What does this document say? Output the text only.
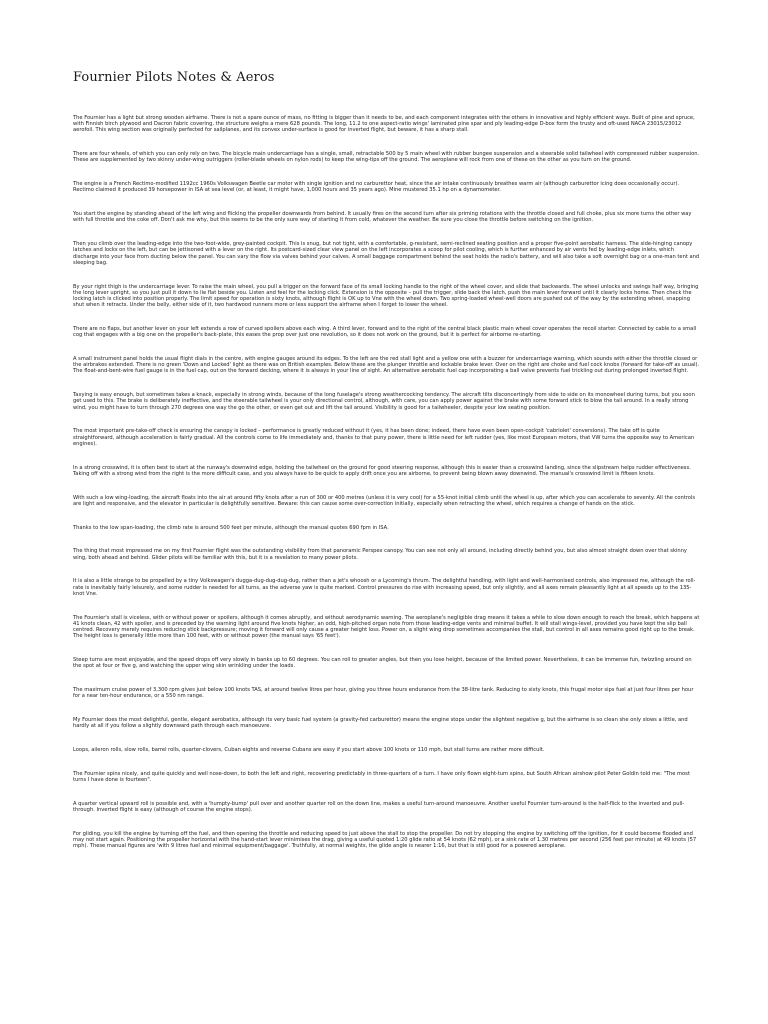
Fournier Pilots Notes & Aeros

The Fournier has a light but strong wooden airframe. There is not a spare ounce of mass, no fitting is bigger than it needs to be, and each component integrates with the others in innovative and highly efficient ways. Built of pine and spruce, with Finnish birch plywood and Dacron fabric covering, the structure weighs a mere 628 pounds. The long, 11.2 to one aspect-ratio wings' laminated pine spar and ply leading-edge D-box form the trusty and oft-used NACA 23015/23012 aerofoil. This wing section was originally perfected for sailplanes, and its convex under-surface is good for inverted flight, but beware, it has a sharp stall.

There are four wheels, of which you can only rely on two. The bicycle main undercarriage has a single, small, retractable 500 by 5 main wheel with rubber bungee suspension and a steerable solid tailwheel with compressed rubber suspension. These are supplemented by two skinny under-wing outriggers (roller-blade wheels on nylon rods) to keep the wing-tips off the ground. The aeroplane will rock from one of these on the other as you turn on the ground.

The engine is a French Rectimo-modified 1192cc 1960s Volkswagen Beetle car motor with single ignition and no carburettor heat, since the air intake continuously breathes warm air (although carburettor icing does occasionally occur). Rectimo claimed it produced 39 horsepower in ISA at sea level (or, at least, it might have, 1,000 hours and 35 years ago). Mine mustered 35.1 hp on a dynamometer.

You start the engine by standing ahead of the left wing and flicking the propeller downwards from behind. It usually fires on the second turn after six priming rotations with the throttle closed and full choke, plus six more turns the other way with full throttle and the coke off. Don't ask me why, but this seems to be the only sure way of starting it from cold, whatever the weather. Be sure you close the throttle before switching on the ignition.

Then you climb over the leading-edge into the two-foot-wide, grey-painted cockpit. This is snug, but not tight, with a comfortable, g-resistant, semi-reclined seating position and a proper five-point aerobatic harness. The side-hinging canopy latches and locks on the left, but can be jettisoned with a lever on the right. Its postcard-sized clear view panel on the left incorporates a scoop for pilot cooling, which is further enhanced by air vents fed by leading-edge inlets, which discharge into your face from ducting below the panel. You can vary the flow via valves behind your calves. A small baggage compartment behind the seat holds the radio's battery, and will also take a soft overnight bag or a one-man tent and sleeping bag.

By your right thigh is the undercarriage lever. To raise the main wheel, you pull a trigger on the forward face of its small locking handle to the right of the wheel cover, and slide that backwards. The wheel unlocks and swings half way, bringing the long lever upright, so you just pull it down to lie flat beside you. Listen and feel for the locking click. Extension is the opposite – pull the trigger, slide back the latch, push the main lever forward until it clearly locks home. Then check the locking latch is clicked into position properly. The limit speed for operation is sixty knots, although flight is OK up to Vne with the wheel down. Two spring-loaded wheel-well doors are pushed out of the way by the extending wheel, snapping shut when it retracts. Under the belly, either side of it, two hardwood runners more or less support the airframe when I forget to lower the wheel.

There are no flaps, but another lever on your left extends a row of curved spoilers above each wing. A third lever, forward and to the right of the central black plastic main wheel cover operates the recoil starter. Connected by cable to a small cog that engages with a big one on the propeller's back-plate, this eases the prop over just one revolution, so it does not work on the ground, but it is perfect for airborne re-starting.

A small instrument panel holds the usual flight dials in the centre, with engine gauges around its edges. To the left are the red stall light and a yellow one with a buzzer for undercarriage warning, which sounds with either the throttle closed or the airbrakes extended. There is no green 'Down and Locked' light as there was on British examples. Below these are the plunger throttle and lockable brake lever. Over on the right are choke and fuel cock knobs (forward for take-off as usual). The float-and-bent-wire fuel gauge is in the fuel cap, out on the forward decking, where it is always in your line of sight. An alternative aerobatic fuel cap incorporating a ball valve prevents fuel trickling out during prolonged inverted flight.

Taxying is easy enough, but sometimes takes a knack, especially in strong winds, because of the long fuselage's strong weathercocking tendency. The aircraft tilts disconcertingly from side to side on its monowheel during turns, but you soon get used to this. The brake is deliberately ineffective, and the steerable tailwheel is your only directional control, although, with care, you can apply power against the brake with some forward stick to blow the tail around. In a really strong wind, you might have to turn through 270 degrees one way the go the other, or even get out and lift the tail around. Visibility is good for a tailwheeler, despite your low seating position.

The most important pre-take-off check is ensuring the canopy is locked – performance is greatly reduced without it (yes, it has been done; indeed, there have even been open-cockpit 'cabriolet' conversions). The take off is quite straightforward, although acceleration is fairly gradual. All the controls come to life immediately and, thanks to that puny power, there is little need for left rudder (yes, like most European motors, that VW turns the opposite way to American engines).

In a strong crosswind, it is often best to start at the runway's downwind edge, holding the tailwheel on the ground for good steering response, although this is easier than a crosswind landing, since the slipstream helps rudder effectiveness. Taking off with a strong wind from the right is the more difficult case, and you always have to be quick to apply drift once you are airborne, to prevent being blown away downwind. The manual's crosswind limit is fifteen knots.

With such a low wing-loading, the aircraft floats into the air at around fifty knots after a run of 300 or 400 metres (unless it is very cool) for a 55-knot initial climb until the wheel is up, after which you can accelerate to seventy. All the controls are light and responsive, and the elevator in particular is delightfully sensitive. Beware: this can cause some over-correction initially, especially when retracting the wheel, which requires a change of hands on the stick.

Thanks to the low span-loading, the climb rate is around 500 feet per minute, although the manual quotes 690 fpm in ISA.

The thing that most impressed me on my first Fournier flight was the outstanding visibility from that panoramic Perspex canopy. You can see not only all around, including directly behind you, but also almost straight down over that skinny wing, both ahead and behind. Glider pilots will be familiar with this, but it is a revelation to many power pilots.

It is also a little strange to be propelled by a tiny Volkswagen's dugga-dug-dug-dug-dug, rather than a jet's whoosh or a Lycoming's thrum. The delightful handling, with light and well-harmonised controls, also impressed me, although the roll-rate is inevitably fairly leisurely, and some rudder is needed for all turns, as the adverse yaw is quite marked. Control pressures do rise with increasing speed, but only slightly, and all axes remain pleasantly light at all speeds up to the 135-knot Vne.

The Fournier's stall is viceless, with or without power or spoilers, although it comes abruptly, and without aerodynamic warning. The aeroplane's negligible drag means it takes a while to slow down enough to reach the break, which happens at 41 knots clean, 42 with spoiler, and is preceded by the warning light around five knots higher, an odd, high-pitched organ note from those leading-edge vents and minimal buffet. It will stall wings-level, provided you have kept the slip ball centred. Recovery merely requires reducing stick backpressure; moving it forward will only cause a greater height loss. Power on, a slight wing drop sometimes accompanies the stall, but control in all axes remains good right up to the break. The height loss is generally little more than 100 feet, with or without power (the manual says '65 feet').

Steep turns are most enjoyable, and the speed drops off very slowly in banks up to 60 degrees. You can roll to greater angles, but then you lose height, because of the limited power. Nevertheless, it can be immense fun, twizzling around on the spot at four or five g, and watching the upper wing skin wrinkling under the loads.

The maximum cruise power of 3,300 rpm gives just below 100 knots TAS, at around twelve litres per hour, giving you three hours endurance from the 38-litre tank. Reducing to sixty knots, this frugal motor sips fuel at just four litres per hour for a near ten-hour endurance, or a 550 nm range.

My Fournier does the most delightful, gentle, elegant aerobatics, although its very basic fuel system (a gravity-fed carburettor) means the engine stops under the slightest negative g, but the airframe is so clean she only slows a little, and hardly at all if you follow a slightly downward path through each manoeuvre.

Loops, aileron rolls, slow rolls, barrel rolls, quarter-clovers, Cuban eights and reverse Cubans are easy if you start above 100 knots or 110 mph, but stall turns are rather more difficult.

The Fournier spins nicely, and quite quickly and well nose-down, to both the left and right, recovering predictably in three-quarters of a turn. I have only flown eight-turn spins, but South African airshow pilot Peter Goldin told me: "The most turns I have done is fourteen".

A quarter vertical upward roll is possible and, with a 'humpty-bump' pull over and another quarter roll on the down line, makes a useful turn-around manoeuvre. Another useful Fournier turn-around is the half-flick to the inverted and pull-through. Inverted flight is easy (although of course the engine stops).

For gliding, you kill the engine by turning off the fuel, and then opening the throttle and reducing speed to just above the stall to stop the propeller. Do not try stopping the engine by switching off the ignition, for it could become flooded and may not start again. Positioning the propeller horizontal with the hand-start lever minimises the drag, giving a useful quoted 1:20 glide ratio at 54 knots (62 mph), or a sink rate of 1.30 metres per second (256 feet per minute) at 49 knots (57 mph). These manual figures are 'with 9 litres fuel and minimal equipment/baggage'. Truthfully, at normal weights, the glide angle is nearer 1:16, but that is still good for a powered aeroplane.
